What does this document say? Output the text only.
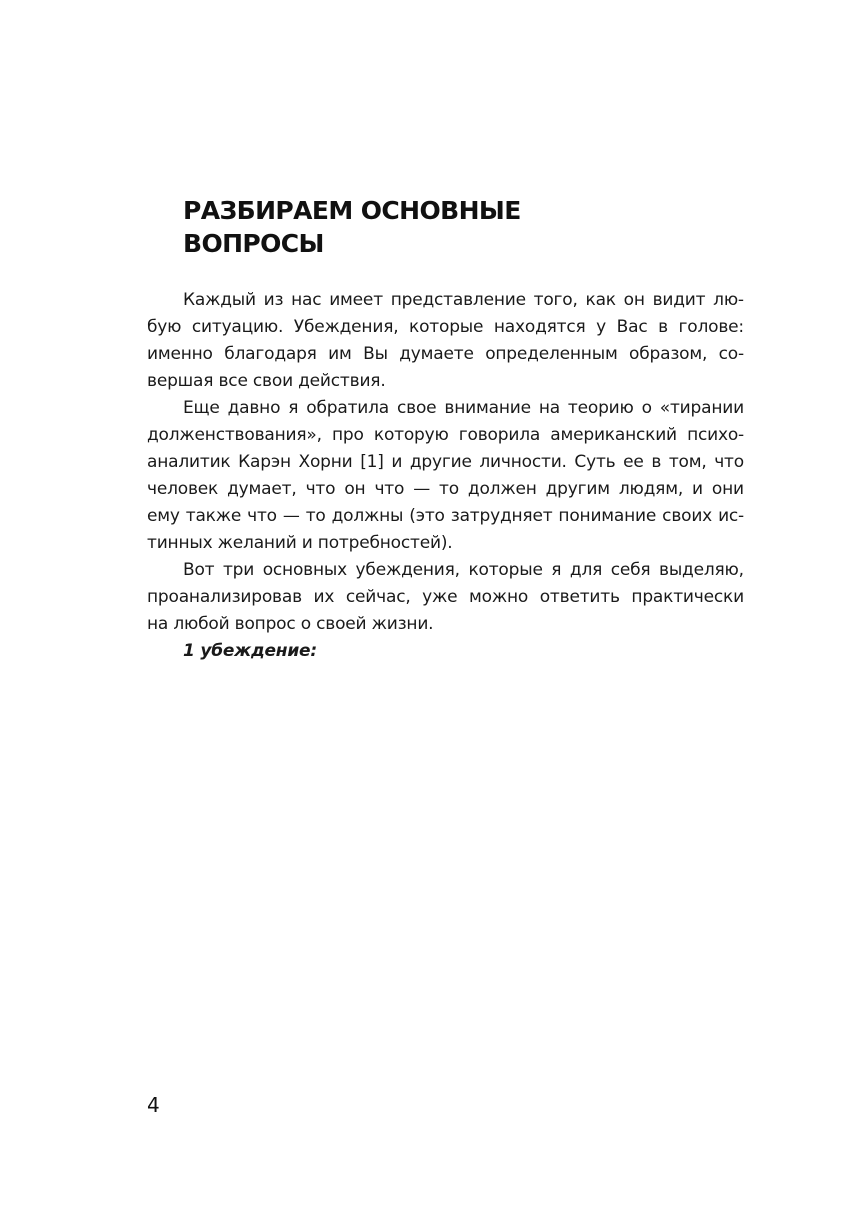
РАЗБИРАЕМ ОСНОВНЫЕ
ВОПРОСЫ
Каждый из нас имеет представление того, как он видит лю-
бую ситуацию. Убеждения, которые находятся у Вас в голове:
именно благодаря им Вы думаете определенным образом, со-
вершая все свои действия.
Еще давно я обратила свое внимание на теорию о «тирании
долженствования», про которую говорила американский психо-
аналитик Карэн Хорни [1] и другие личности. Суть ее в том, что
человек думает, что он что — то должен другим людям, и они
ему также что — то должны (это затрудняет понимание своих ис-
тинных желаний и потребностей).
Вот три основных убеждения, которые я для себя выделяю,
проанализировав их сейчас, уже можно ответить практически
на любой вопрос о своей жизни.
1 убеждение:
4
